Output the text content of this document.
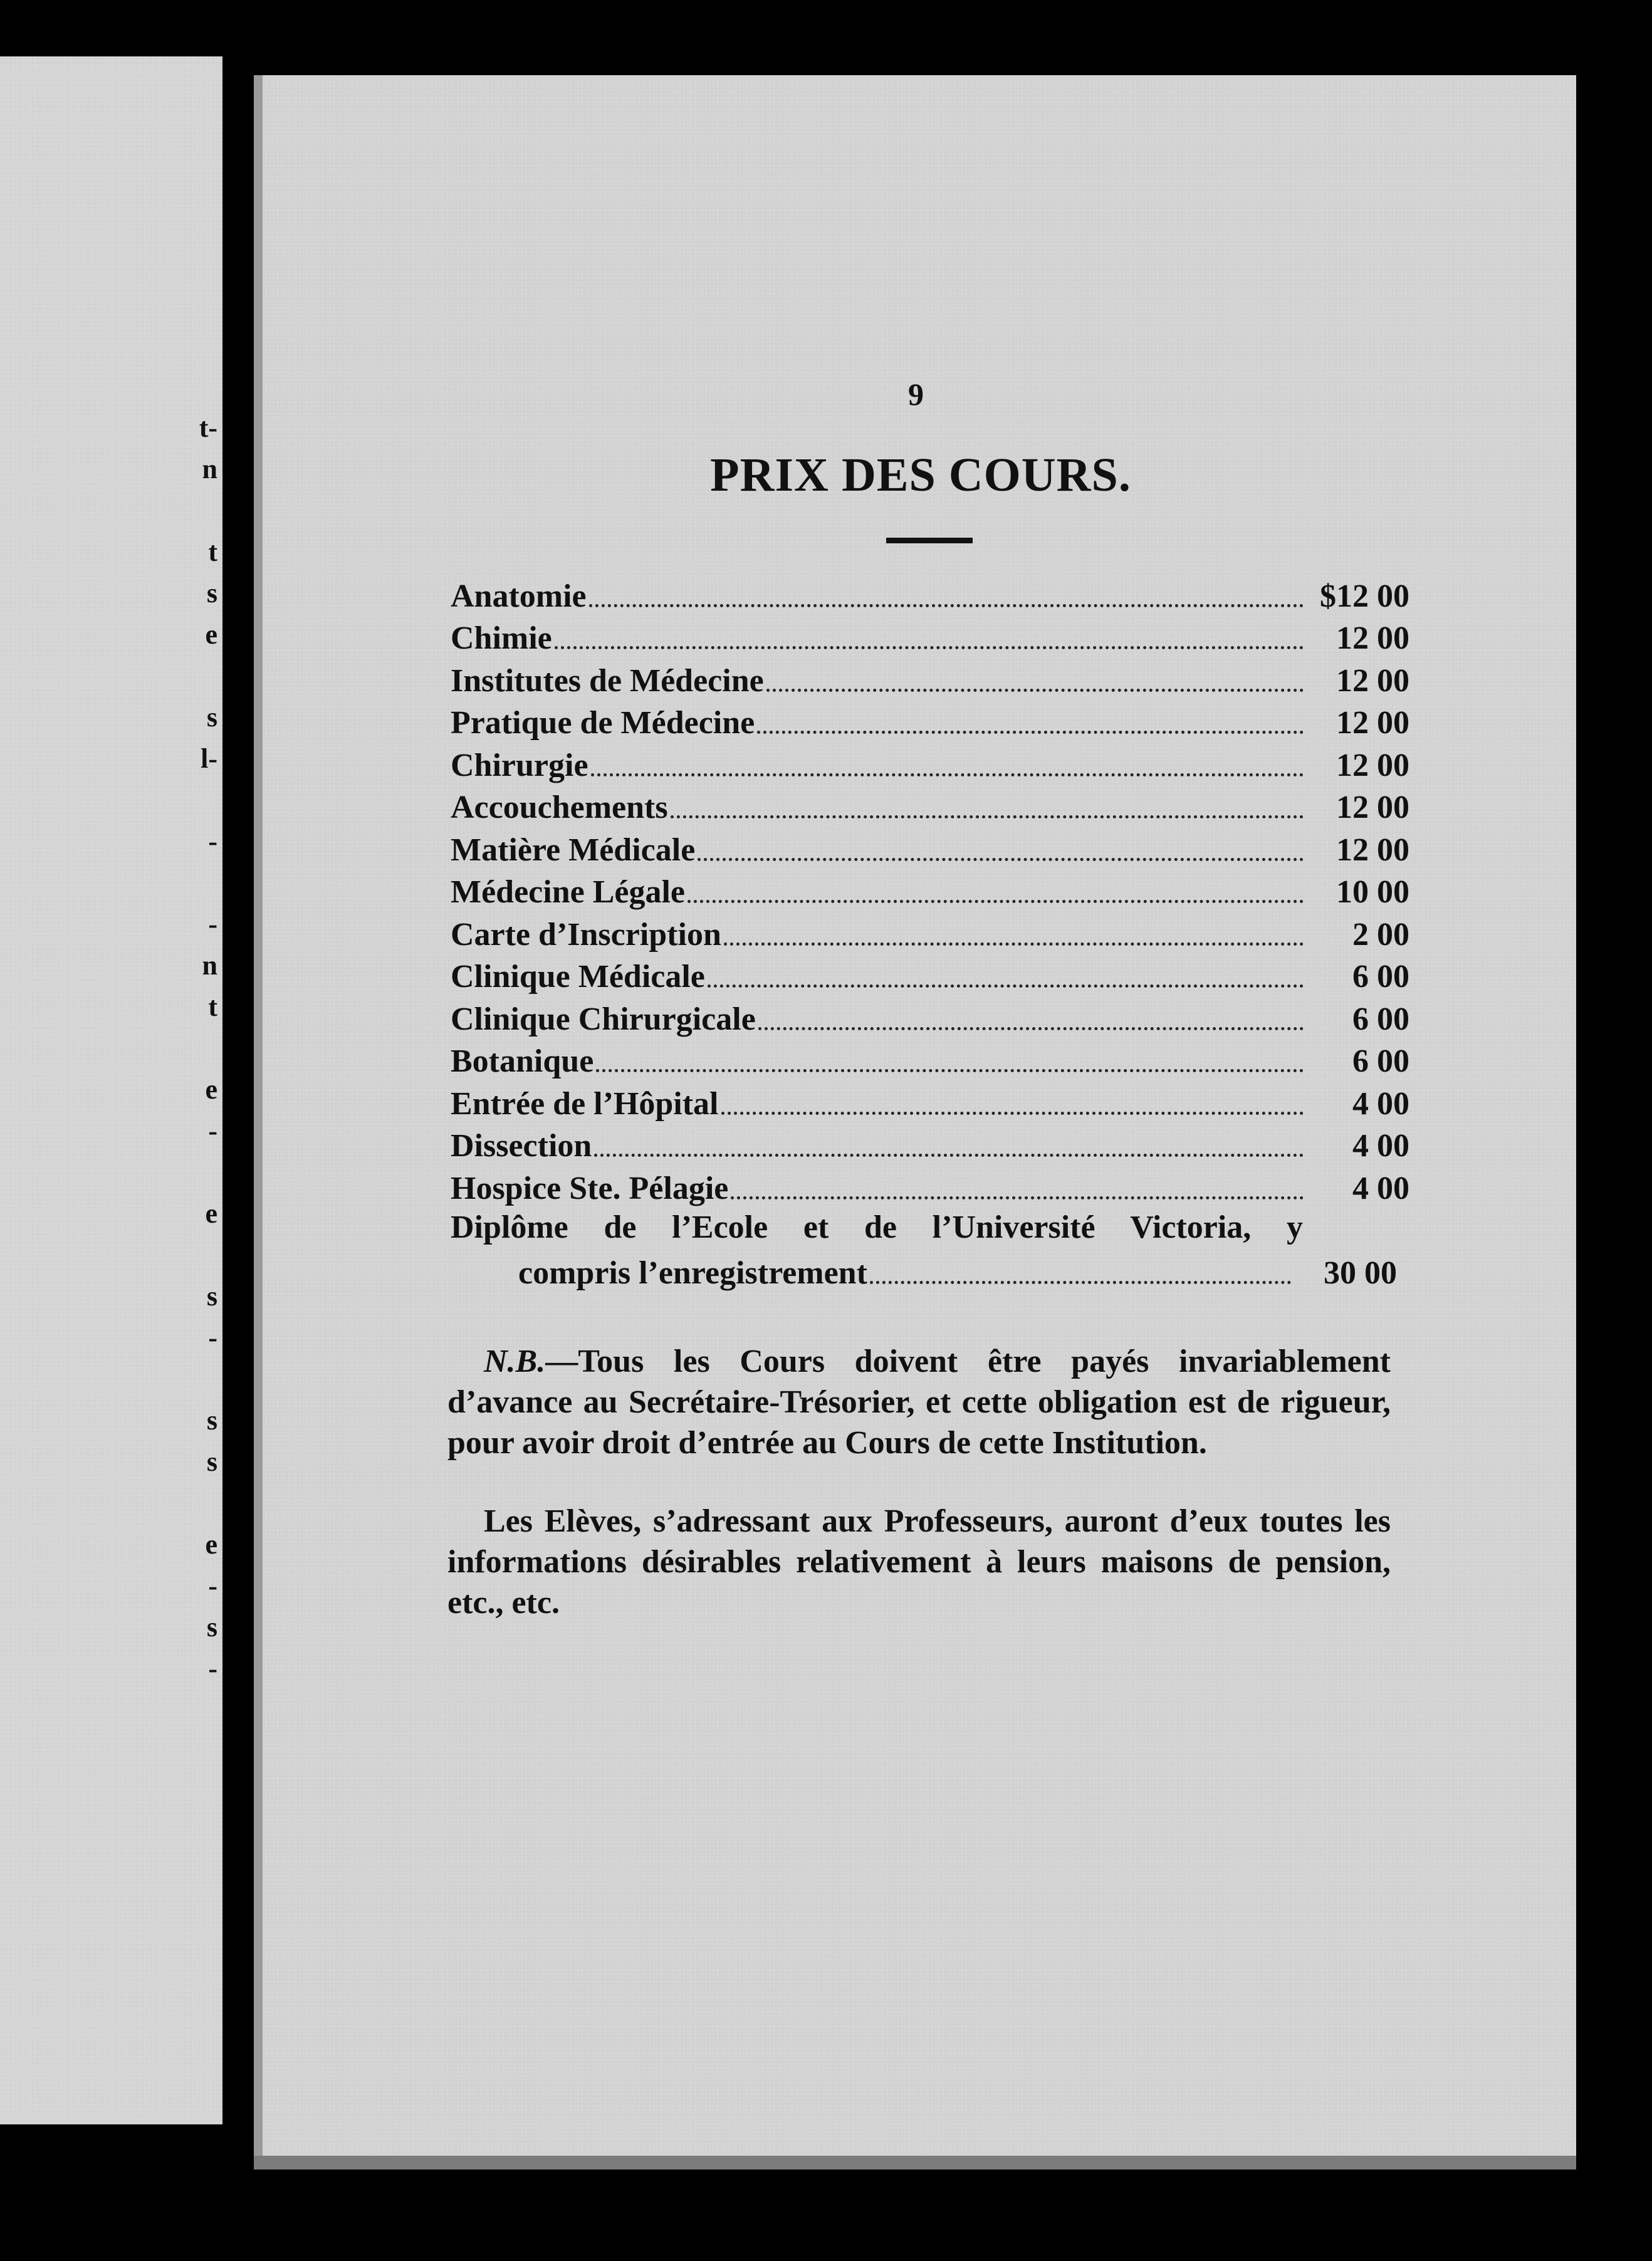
t-
n
t
s
e
s
l-
-
-
n
t
e
-
e
s
-
s
s
e
-
s
-
9
PRIX DES COURS.
Anatomie	$12 00
Chimie	12 00
Institutes de Médecine	12 00
Pratique de Médecine	12 00
Chirurgie	12 00
Accouchements	12 00
Matière Médicale	12 00
Médecine Légale	10 00
Carte d’Inscription	2 00
Clinique Médicale	6 00
Clinique Chirurgicale	6 00
Botanique	6 00
Entrée de l’Hôpital	4 00
Dissection	4 00
Hospice Ste. Pélagie	4 00
Diplôme de l’Ecole et de l’Université Victoria, y
compris l’enregistrement	30 00

N.B.—Tous les Cours doivent être payés invariablement d’avance au Secrétaire-Trésorier, et cette obligation est de rigueur, pour avoir droit d’entrée au Cours de cette Institution.

Les Elèves, s’adressant aux Professeurs, auront d’eux toutes les informations désirables relativement à leurs maisons de pension, etc., etc.
